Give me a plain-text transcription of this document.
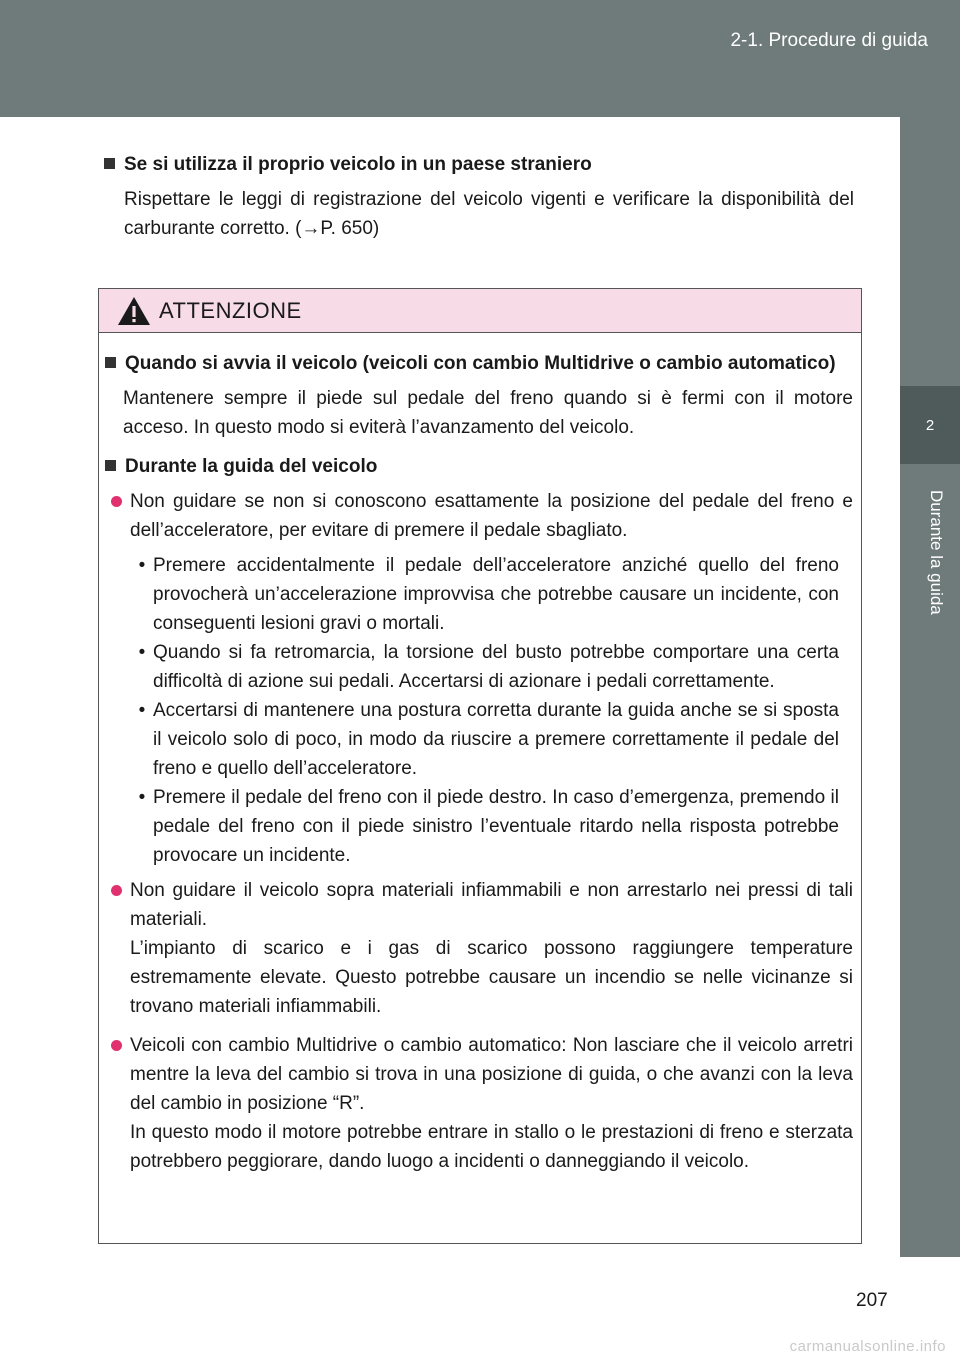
2-1. Procedure di guida
2
Durante la guida
Se si utilizza il proprio veicolo in un paese straniero
Rispettare le leggi di registrazione del veicolo vigenti e verificare la disponibilità del carburante corretto. (→P. 650)
ATTENZIONE
Quando si avvia il veicolo (veicoli con cambio Multidrive o cambio automatico)
Mantenere sempre il piede sul pedale del freno quando si è fermi con il motore acceso. In questo modo si eviterà l’avanzamento del veicolo.
Durante la guida del veicolo
Non guidare se non si conoscono esattamente la posizione del pedale del freno e dell’acceleratore, per evitare di premere il pedale sbagliato.
• Premere accidentalmente il pedale dell’acceleratore anziché quello del freno provocherà un’accelerazione improvvisa che potrebbe causare un incidente, con conseguenti lesioni gravi o mortali.
• Quando si fa retromarcia, la torsione del busto potrebbe comportare una certa difficoltà di azione sui pedali. Accertarsi di azionare i pedali correttamente.
• Accertarsi di mantenere una postura corretta durante la guida anche se si sposta il veicolo solo di poco, in modo da riuscire a premere correttamente il pedale del freno e quello dell’acceleratore.
• Premere il pedale del freno con il piede destro. In caso d’emergenza, premendo il pedale del freno con il piede sinistro l’eventuale ritardo nella risposta potrebbe provocare un incidente.
Non guidare il veicolo sopra materiali infiammabili e non arrestarlo nei pressi di tali materiali.
L’impianto di scarico e i gas di scarico possono raggiungere temperature estremamente elevate. Questo potrebbe causare un incendio se nelle vicinanze si trovano materiali infiammabili.
Veicoli con cambio Multidrive o cambio automatico: Non lasciare che il veicolo arretri mentre la leva del cambio si trova in una posizione di guida, o che avanzi con la leva del cambio in posizione “R”.
In questo modo il motore potrebbe entrare in stallo o le prestazioni di freno e sterzata potrebbero peggiorare, dando luogo a incidenti o danneggiando il veicolo.
207
carmanualsonline.info
